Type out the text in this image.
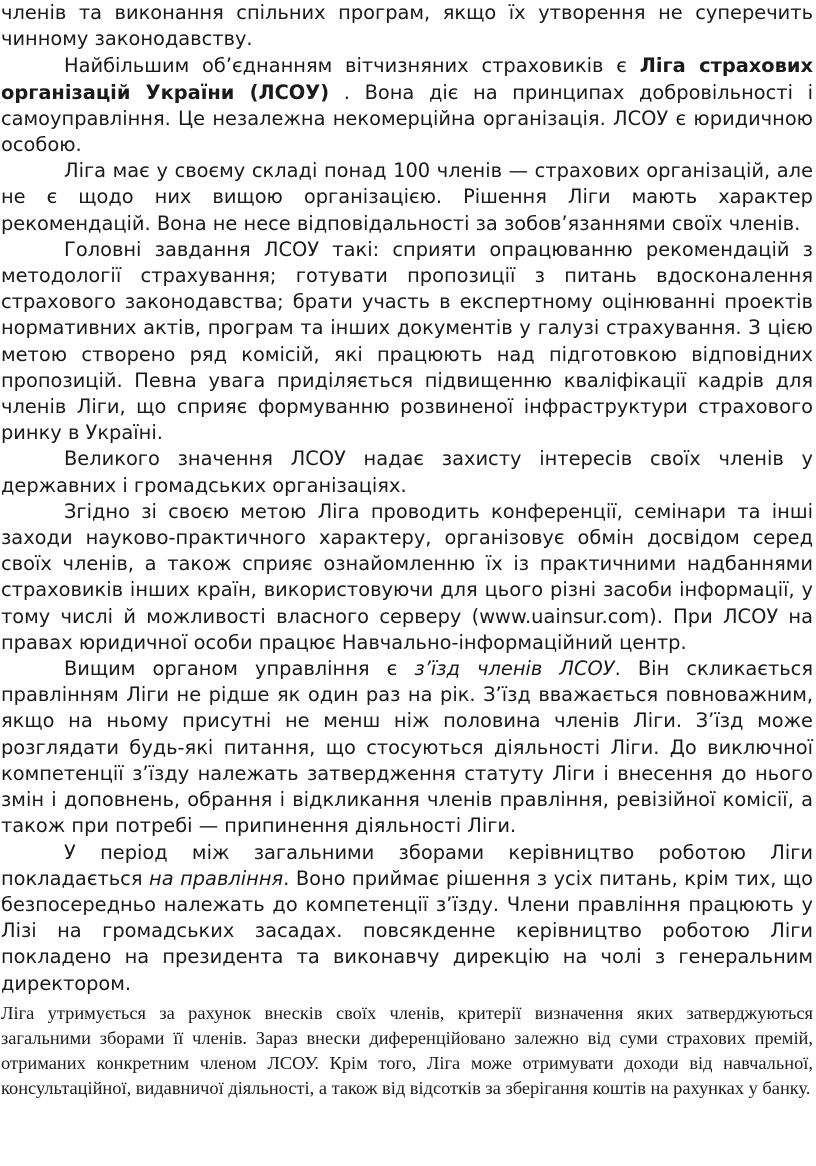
членів та виконання спільних програм, якщо їх утворення не суперечить чинному законодавству.

Найбільшим об’єднанням вітчизняних страховиків є Ліга страхових організацій України (ЛСОУ) . Вона діє на принципах добровільності і самоуправління. Це незалежна некомерційна організація. ЛСОУ є юридичною особою.

Ліга має у своєму складі понад 100 членів — страхових організацій, але не є щодо них вищою організацією. Рішення Ліги мають характер рекомендацій. Вона не несе відповідальності за зобов’язаннями своїх членів.

Головні завдання ЛСОУ такі: сприяти опрацюванню рекомендацій з методології страхування; готувати пропозиції з питань вдосконалення страхового законодавства; брати участь в експертному оцінюванні проектів нормативних актів, програм та інших документів у галузі страхування. З цією метою створено ряд комісій, які працюють над підготовкою відповідних пропозицій. Певна увага приділяється підвищенню кваліфікації кадрів для членів Ліги, що сприяє формуванню розвиненої інфраструктури страхового ринку в Україні.

Великого значення ЛСОУ надає захисту інтересів своїх членів у державних і громадських організаціях.

Згідно зі своєю метою Ліга проводить конференції, семінари та інші заходи науково-практичного характеру, організовує обмін досвідом серед своїх членів, а також сприяє ознайомленню їх із практичними надбаннями страховиків інших країн, використовуючи для цього різні засоби інформації, у тому числі й можливості власного серверу (www.uainsur.com). При ЛСОУ на правах юридичної особи працює Навчально-інформаційний центр.

Вищим органом управління є з’їзд членів ЛСОУ. Він скликається правлінням Ліги не рідше як один раз на рік. З’їзд вважається повноважним, якщо на ньому присутні не менш ніж половина членів Ліги. З’їзд може розглядати будь-які питання, що стосуються діяльності Ліги. До виключної компетенції з’їзду належать затвердження статуту Ліги і внесення до нього змін і доповнень, обрання і відкликання членів правління, ревізійної комісії, а також при потребі — припинення діяльності Ліги.

У період між загальними зборами керівництво роботою Ліги покладається на правління. Воно приймає рішення з усіх питань, крім тих, що безпосередньо належать до компетенції з’їзду. Члени правління працюють у Лізі на громадських засадах. повсякденне керівництво роботою Ліги покладено на президента та виконавчу дирекцію на чолі з генеральним директором.

Ліга утримується за рахунок внесків своїх членів, критерії визначення яких затверджуються загальними зборами її членів. Зараз внески диференційовано залежно від суми страхових премій, отриманих конкретним членом ЛСОУ. Крім того, Ліга може отримувати доходи від навчальної, консультаційної, видавничої діяльності, а також від відсотків за зберігання коштів на рахунках у банку.
